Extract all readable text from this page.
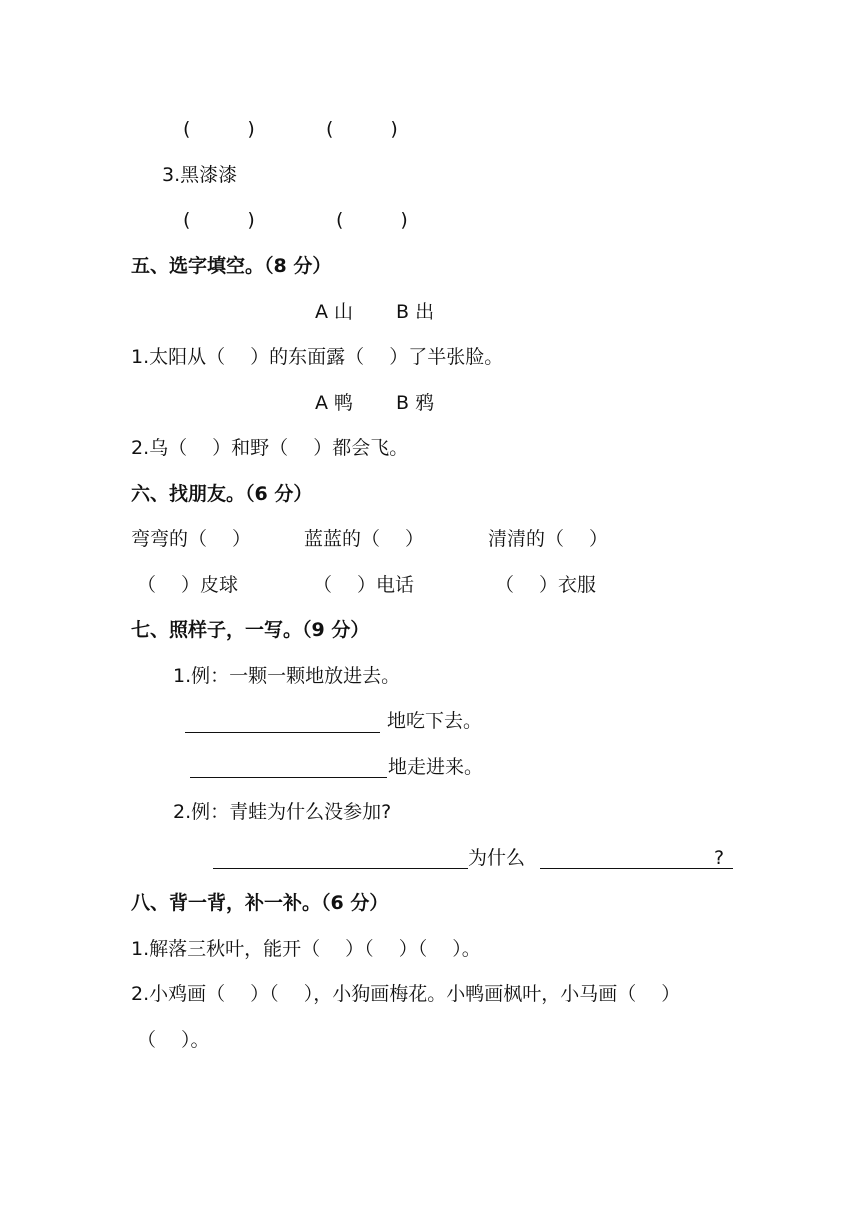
(　　　)	(　　　)
3.黑漆漆
(　　　)	(　　　)
五、选字填空。（8 分）
A 山 B 出
1.太阳从（　 ）的东面露（　 ）了半张脸。
A 鸭 B 鸦
2.乌（　 ）和野（　 ）都会飞。
六、找朋友。（6 分）
弯弯的（　 ）	蓝蓝的（　 ）	清清的（　 ）
（　 ）皮球	（　 ）电话	（　 ）衣服
七、照样子，一写。（9 分）
1.例：一颗一颗地放进去。
地吃下去。
地走进来。
2.例：青蛙为什么没参加?
为什么	?
八、背一背，补一补。（6 分）
1.解落三秋叶，能开（　 ）（　 ）（　 ）。
2.小鸡画（　 ）（　 ），小狗画梅花。小鸭画枫叶，小马画（　 ）
（　 ）。
